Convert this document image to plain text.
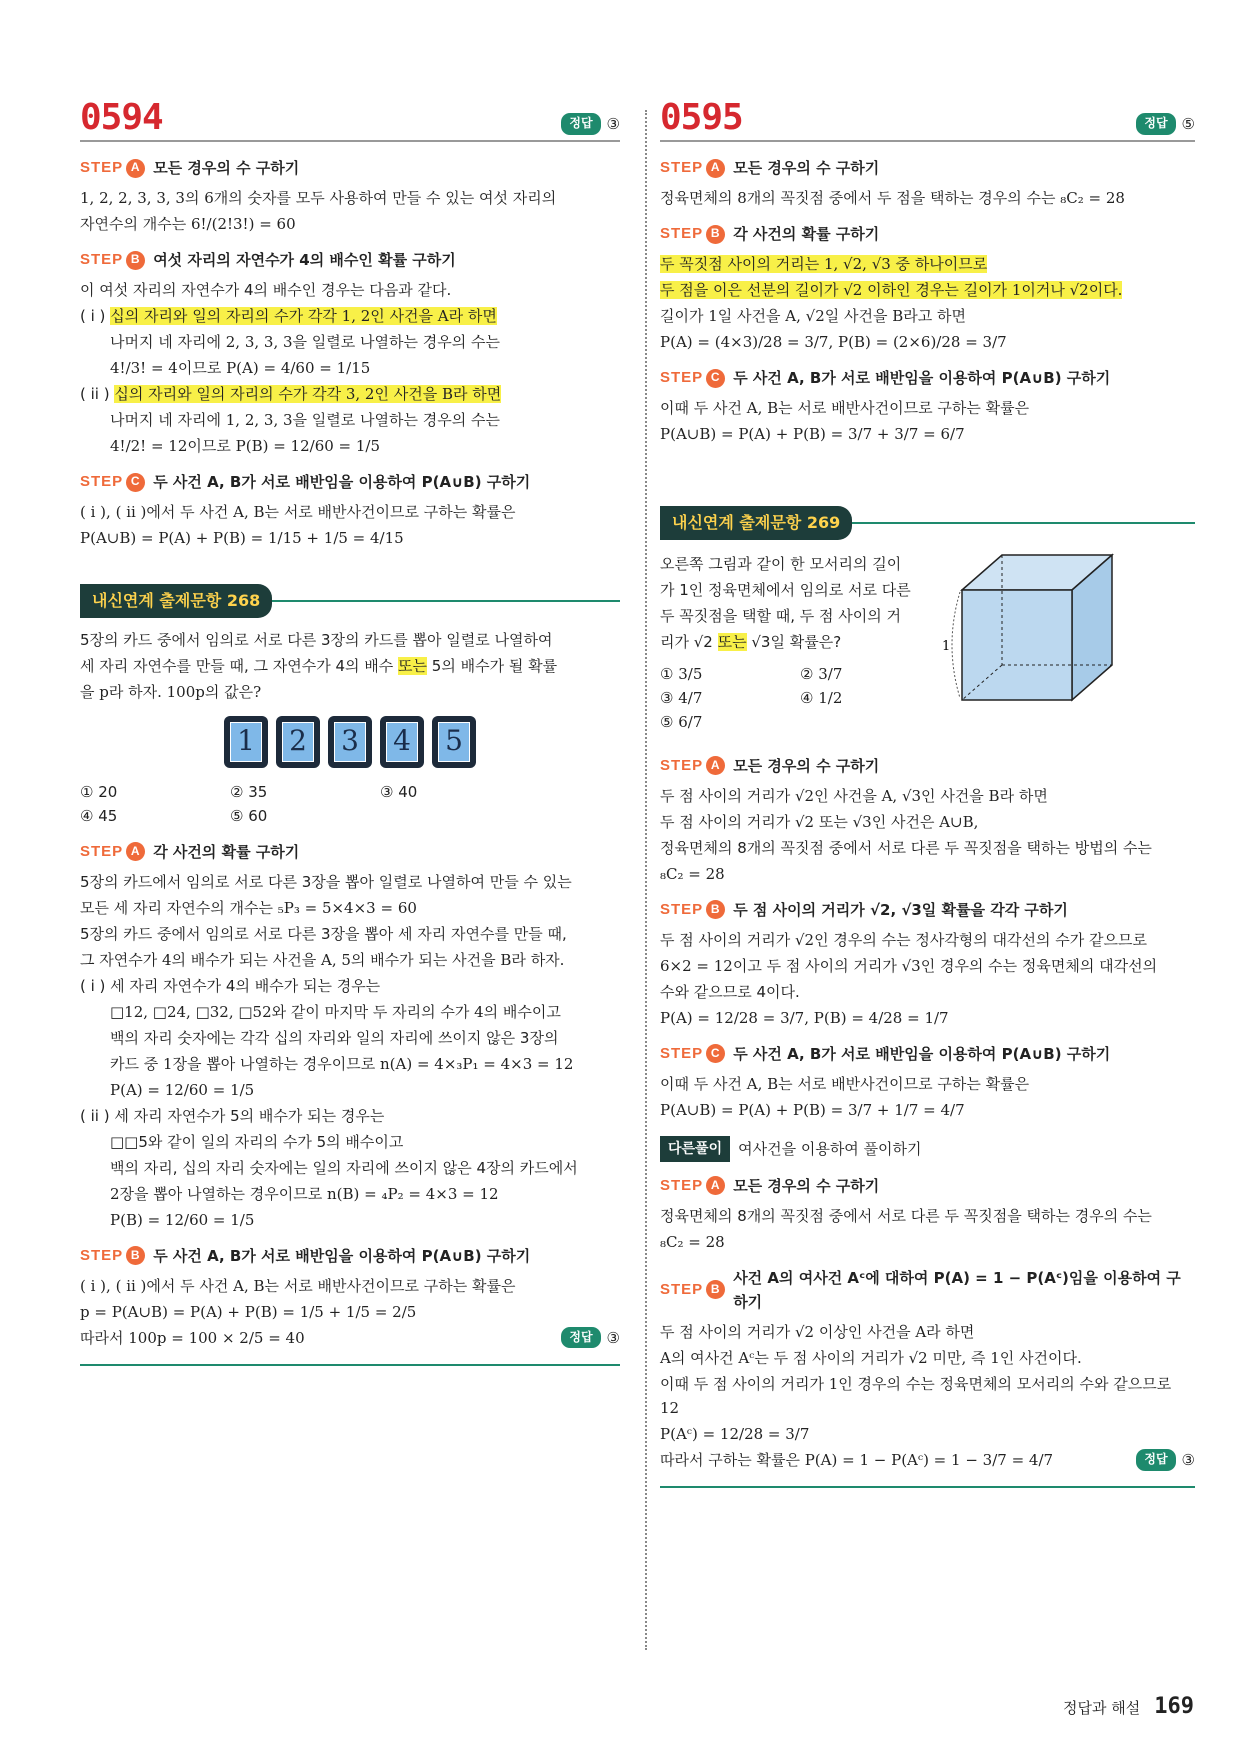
0594	정답 ③
STEP A 모든 경우의 수 구하기

1, 2, 2, 3, 3, 3의 6개의 숫자를 모두 사용하여 만들 수 있는 여섯 자리의

자연수의 개수는 6!/(2!3!) = 60

STEP B 여섯 자리의 자연수가 4의 배수인 확률 구하기

이 여섯 자리의 자연수가 4의 배수인 경우는 다음과 같다.

( i ) 십의 자리와 일의 자리의 수가 각각 1, 2인 사건을 A라 하면

나머지 네 자리에 2, 3, 3, 3을 일렬로 나열하는 경우의 수는

4!/3! = 4이므로 P(A) = 4/60 = 1/15

( ii ) 십의 자리와 일의 자리의 수가 각각 3, 2인 사건을 B라 하면

나머지 네 자리에 1, 2, 3, 3을 일렬로 나열하는 경우의 수는

4!/2! = 12이므로 P(B) = 12/60 = 1/5

STEP C 두 사건 A, B가 서로 배반임을 이용하여 P(A∪B) 구하기

( i ), ( ii )에서 두 사건 A, B는 서로 배반사건이므로 구하는 확률은

P(A∪B) = P(A) + P(B) = 1/15 + 1/5 = 4/15

내신연계 출제문항 268

5장의 카드 중에서 임의로 서로 다른 3장의 카드를 뽑아 일렬로 나열하여

세 자리 자연수를 만들 때, 그 자연수가 4의 배수 또는 5의 배수가 될 확률

을 p라 하자. 100p의 값은?

1 2 3 4 5
① 20	② 35	③ 40
④ 45	⑤ 60
STEP A 각 사건의 확률 구하기

5장의 카드에서 임의로 서로 다른 3장을 뽑아 일렬로 나열하여 만들 수 있는

모든 세 자리 자연수의 개수는 ₅P₃ = 5×4×3 = 60

5장의 카드 중에서 임의로 서로 다른 3장을 뽑아 세 자리 자연수를 만들 때,

그 자연수가 4의 배수가 되는 사건을 A, 5의 배수가 되는 사건을 B라 하자.

( i ) 세 자리 자연수가 4의 배수가 되는 경우는

□12, □24, □32, □52와 같이 마지막 두 자리의 수가 4의 배수이고

백의 자리 숫자에는 각각 십의 자리와 일의 자리에 쓰이지 않은 3장의

카드 중 1장을 뽑아 나열하는 경우이므로 n(A) = 4×₃P₁ = 4×3 = 12

P(A) = 12/60 = 1/5

( ii ) 세 자리 자연수가 5의 배수가 되는 경우는

□□5와 같이 일의 자리의 수가 5의 배수이고

백의 자리, 십의 자리 숫자에는 일의 자리에 쓰이지 않은 4장의 카드에서

2장을 뽑아 나열하는 경우이므로 n(B) = ₄P₂ = 4×3 = 12

P(B) = 12/60 = 1/5

STEP B 두 사건 A, B가 서로 배반임을 이용하여 P(A∪B) 구하기

( i ), ( ii )에서 두 사건 A, B는 서로 배반사건이므로 구하는 확률은

p = P(A∪B) = P(A) + P(B) = 1/5 + 1/5 = 2/5

따라서 100p = 100 × 2/5 = 40	정답 ③

0595	정답 ⑤
STEP A 모든 경우의 수 구하기

정육면체의 8개의 꼭짓점 중에서 두 점을 택하는 경우의 수는 ₈C₂ = 28

STEP B 각 사건의 확률 구하기

두 꼭짓점 사이의 거리는 1, √2, √3 중 하나이므로

두 점을 이은 선분의 길이가 √2 이하인 경우는 길이가 1이거나 √2이다.

길이가 1일 사건을 A, √2일 사건을 B라고 하면

P(A) = (4×3)/28 = 3/7, P(B) = (2×6)/28 = 3/7

STEP C 두 사건 A, B가 서로 배반임을 이용하여 P(A∪B) 구하기

이때 두 사건 A, B는 서로 배반사건이므로 구하는 확률은

P(A∪B) = P(A) + P(B) = 3/7 + 3/7 = 6/7

내신연계 출제문항 269

오른쪽 그림과 같이 한 모서리의 길이

가 1인 정육면체에서 임의로 서로 다른

두 꼭짓점을 택할 때, 두 점 사이의 거

리가 √2 또는 √3일 확률은?

① 3/5	② 3/7
③ 4/7	④ 1/2
⑤ 6/7
1
STEP A 모든 경우의 수 구하기

두 점 사이의 거리가 √2인 사건을 A, √3인 사건을 B라 하면

두 점 사이의 거리가 √2 또는 √3인 사건은 A∪B,

정육면체의 8개의 꼭짓점 중에서 서로 다른 두 꼭짓점을 택하는 방법의 수는

₈C₂ = 28

STEP B 두 점 사이의 거리가 √2, √3일 확률을 각각 구하기

두 점 사이의 거리가 √2인 경우의 수는 정사각형의 대각선의 수가 같으므로

6×2 = 12이고 두 점 사이의 거리가 √3인 경우의 수는 정육면체의 대각선의

수와 같으므로 4이다.

P(A) = 12/28 = 3/7, P(B) = 4/28 = 1/7

STEP C 두 사건 A, B가 서로 배반임을 이용하여 P(A∪B) 구하기

이때 두 사건 A, B는 서로 배반사건이므로 구하는 확률은

P(A∪B) = P(A) + P(B) = 3/7 + 1/7 = 4/7

다른풀이	여사건을 이용하여 풀이하기
STEP A 모든 경우의 수 구하기

정육면체의 8개의 꼭짓점 중에서 서로 다른 두 꼭짓점을 택하는 경우의 수는

₈C₂ = 28

STEP B
사건 A의 여사건 Aᶜ에 대하여 P(A) = 1 − P(Aᶜ)임을 이용하여 구하기

두 점 사이의 거리가 √2 이상인 사건을 A라 하면

A의 여사건 Aᶜ는 두 점 사이의 거리가 √2 미만, 즉 1인 사건이다.

이때 두 점 사이의 거리가 1인 경우의 수는 정육면체의 모서리의 수와 같으므로 12

P(Aᶜ) = 12/28 = 3/7

따라서 구하는 확률은 P(A) = 1 − P(Aᶜ) = 1 − 3/7 = 4/7	정답 ③

정답과 해설 169
